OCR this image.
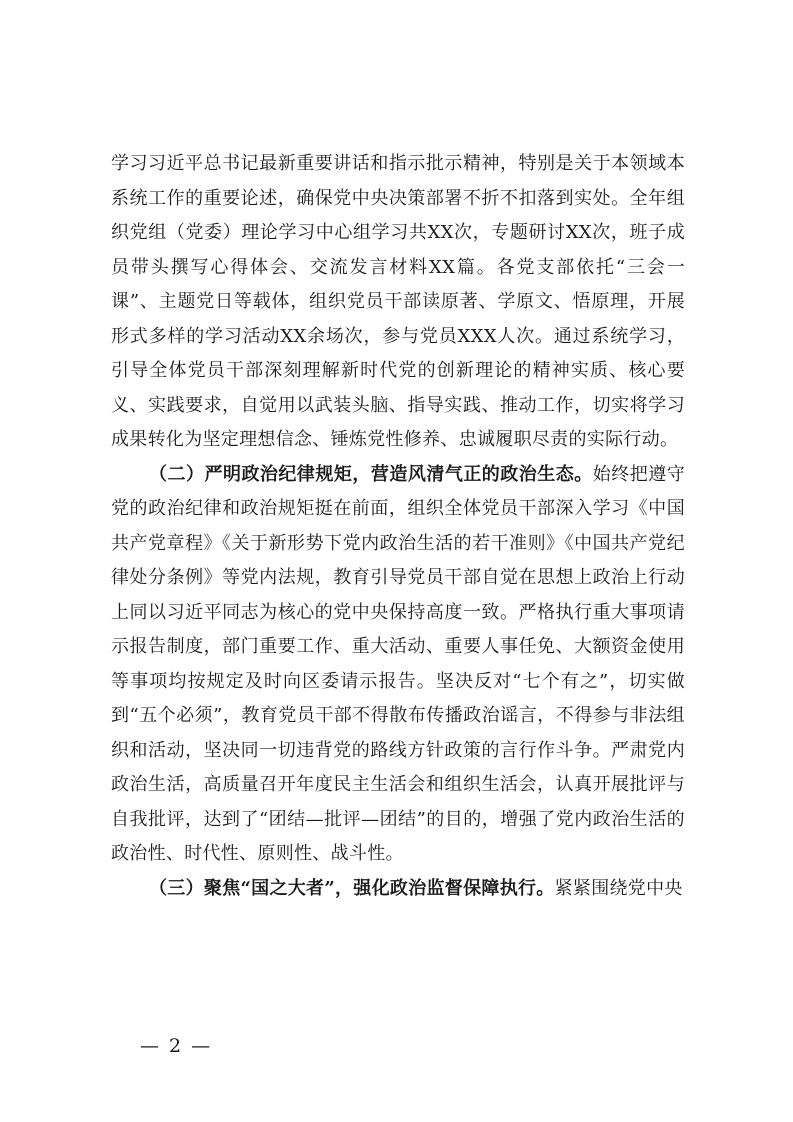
学习习近平总书记最新重要讲话和指示批示精神，特别是关于本领域本系统工作的重要论述，确保党中央决策部署不折不扣落到实处。全年组织党组（党委）理论学习中心组学习共XX次，专题研讨XX次，班子成员带头撰写心得体会、交流发言材料XX篇。各党支部依托“三会一课”、主题党日等载体，组织党员干部读原著、学原文、悟原理，开展形式多样的学习活动XX余场次，参与党员XXX人次。通过系统学习，引导全体党员干部深刻理解新时代党的创新理论的精神实质、核心要义、实践要求，自觉用以武装头脑、指导实践、推动工作，切实将学习成果转化为坚定理想信念、锤炼党性修养、忠诚履职尽责的实际行动。

（二）严明政治纪律规矩，营造风清气正的政治生态。始终把遵守党的政治纪律和政治规矩挺在前面，组织全体党员干部深入学习《中国共产党章程》《关于新形势下党内政治生活的若干准则》《中国共产党纪律处分条例》等党内法规，教育引导党员干部自觉在思想上政治上行动上同以习近平同志为核心的党中央保持高度一致。严格执行重大事项请示报告制度，部门重要工作、重大活动、重要人事任免、大额资金使用等事项均按规定及时向区委请示报告。坚决反对“七个有之”，切实做到“五个必须”，教育党员干部不得散布传播政治谣言，不得参与非法组织和活动，坚决同一切违背党的路线方针政策的言行作斗争。严肃党内政治生活，高质量召开年度民主生活会和组织生活会，认真开展批评与自我批评，达到了“团结—批评—团结”的目的，增强了党内政治生活的政治性、时代性、原则性、战斗性。

（三）聚焦“国之大者”，强化政治监督保障执行。紧紧围绕党中央

— 2 —
